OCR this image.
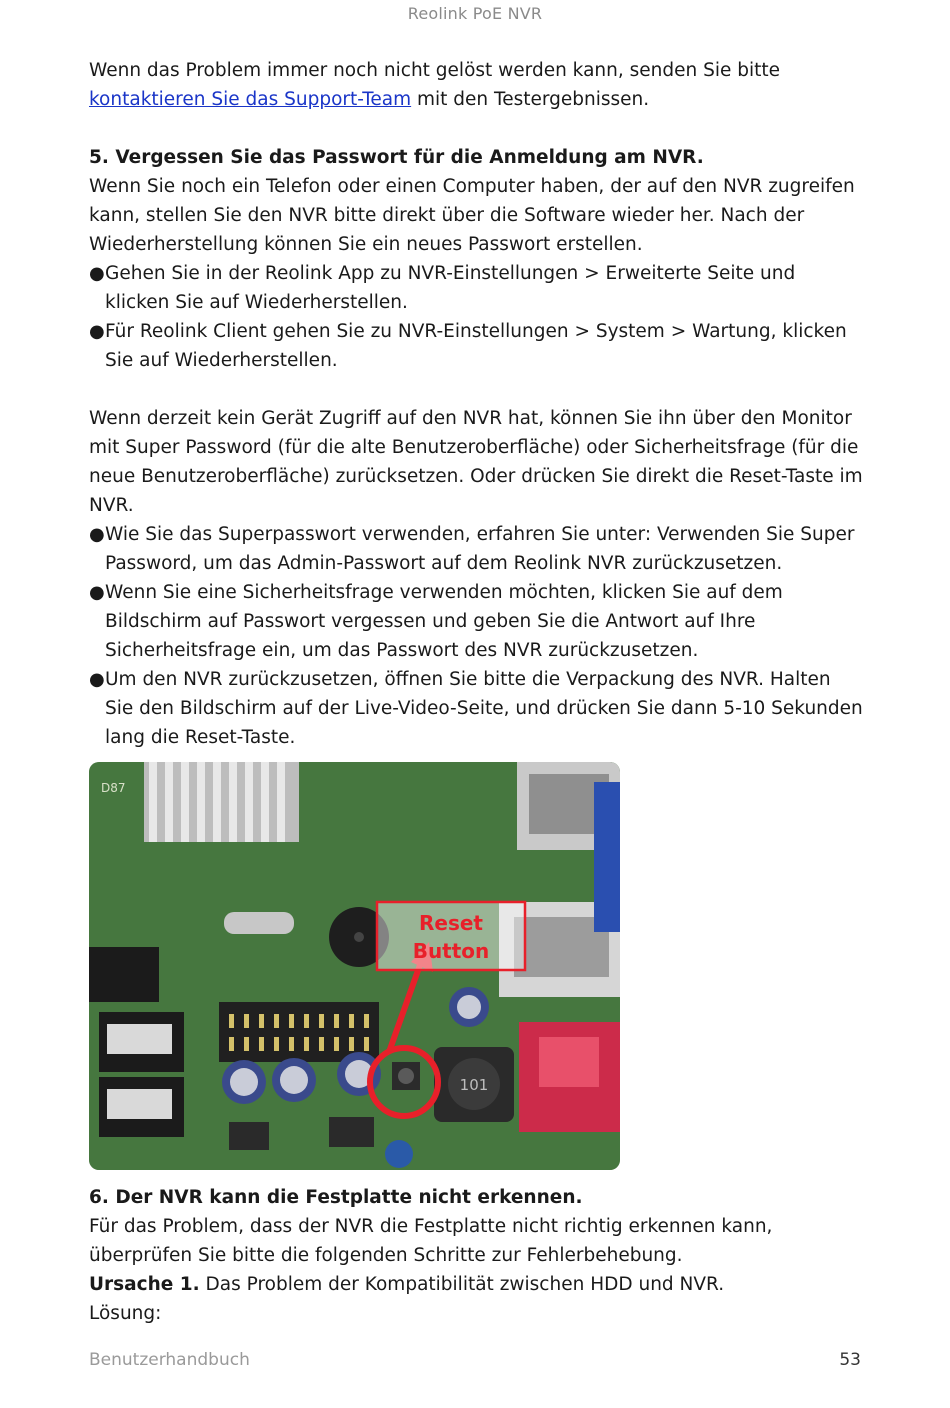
Reolink PoE NVR

Wenn das Problem immer noch nicht gelöst werden kann, senden Sie bitte

kontaktieren Sie das Support-Team mit den Testergebnissen.

5. Vergessen Sie das Passwort für die Anmeldung am NVR.

Wenn Sie noch ein Telefon oder einen Computer haben, der auf den NVR zugreifen kann, stellen Sie den NVR bitte direkt über die Software wieder her. Nach der Wiederherstellung können Sie ein neues Passwort erstellen.

● Gehen Sie in der Reolink App zu NVR-Einstellungen > Erweiterte Seite und klicken Sie auf Wiederherstellen.

● Für Reolink Client gehen Sie zu NVR-Einstellungen > System > Wartung, klicken Sie auf Wiederherstellen.

Wenn derzeit kein Gerät Zugriff auf den NVR hat, können Sie ihn über den Monitor mit Super Password (für die alte Benutzeroberfläche) oder Sicherheitsfrage (für die neue Benutzeroberfläche) zurücksetzen. Oder drücken Sie direkt die Reset-Taste im NVR.

● Wie Sie das Superpasswort verwenden, erfahren Sie unter: Verwenden Sie Super Password, um das Admin-Passwort auf dem Reolink NVR zurückzusetzen.

● Wenn Sie eine Sicherheitsfrage verwenden möchten, klicken Sie auf dem Bildschirm auf Passwort vergessen und geben Sie die Antwort auf Ihre Sicherheitsfrage ein, um das Passwort des NVR zurückzusetzen.

● Um den NVR zurückzusetzen, öffnen Sie bitte die Verpackung des NVR. Halten Sie den Bildschirm auf der Live-Video-Seite, und drücken Sie dann 5-10 Sekunden lang die Reset-Taste.

D87
101
Reset
Button

6. Der NVR kann die Festplatte nicht erkennen.

Für das Problem, dass der NVR die Festplatte nicht richtig erkennen kann, überprüfen Sie bitte die folgenden Schritte zur Fehlerbehebung.

Ursache 1. Das Problem der Kompatibilität zwischen HDD und NVR.

Lösung:

Benutzerhandbuch	53
